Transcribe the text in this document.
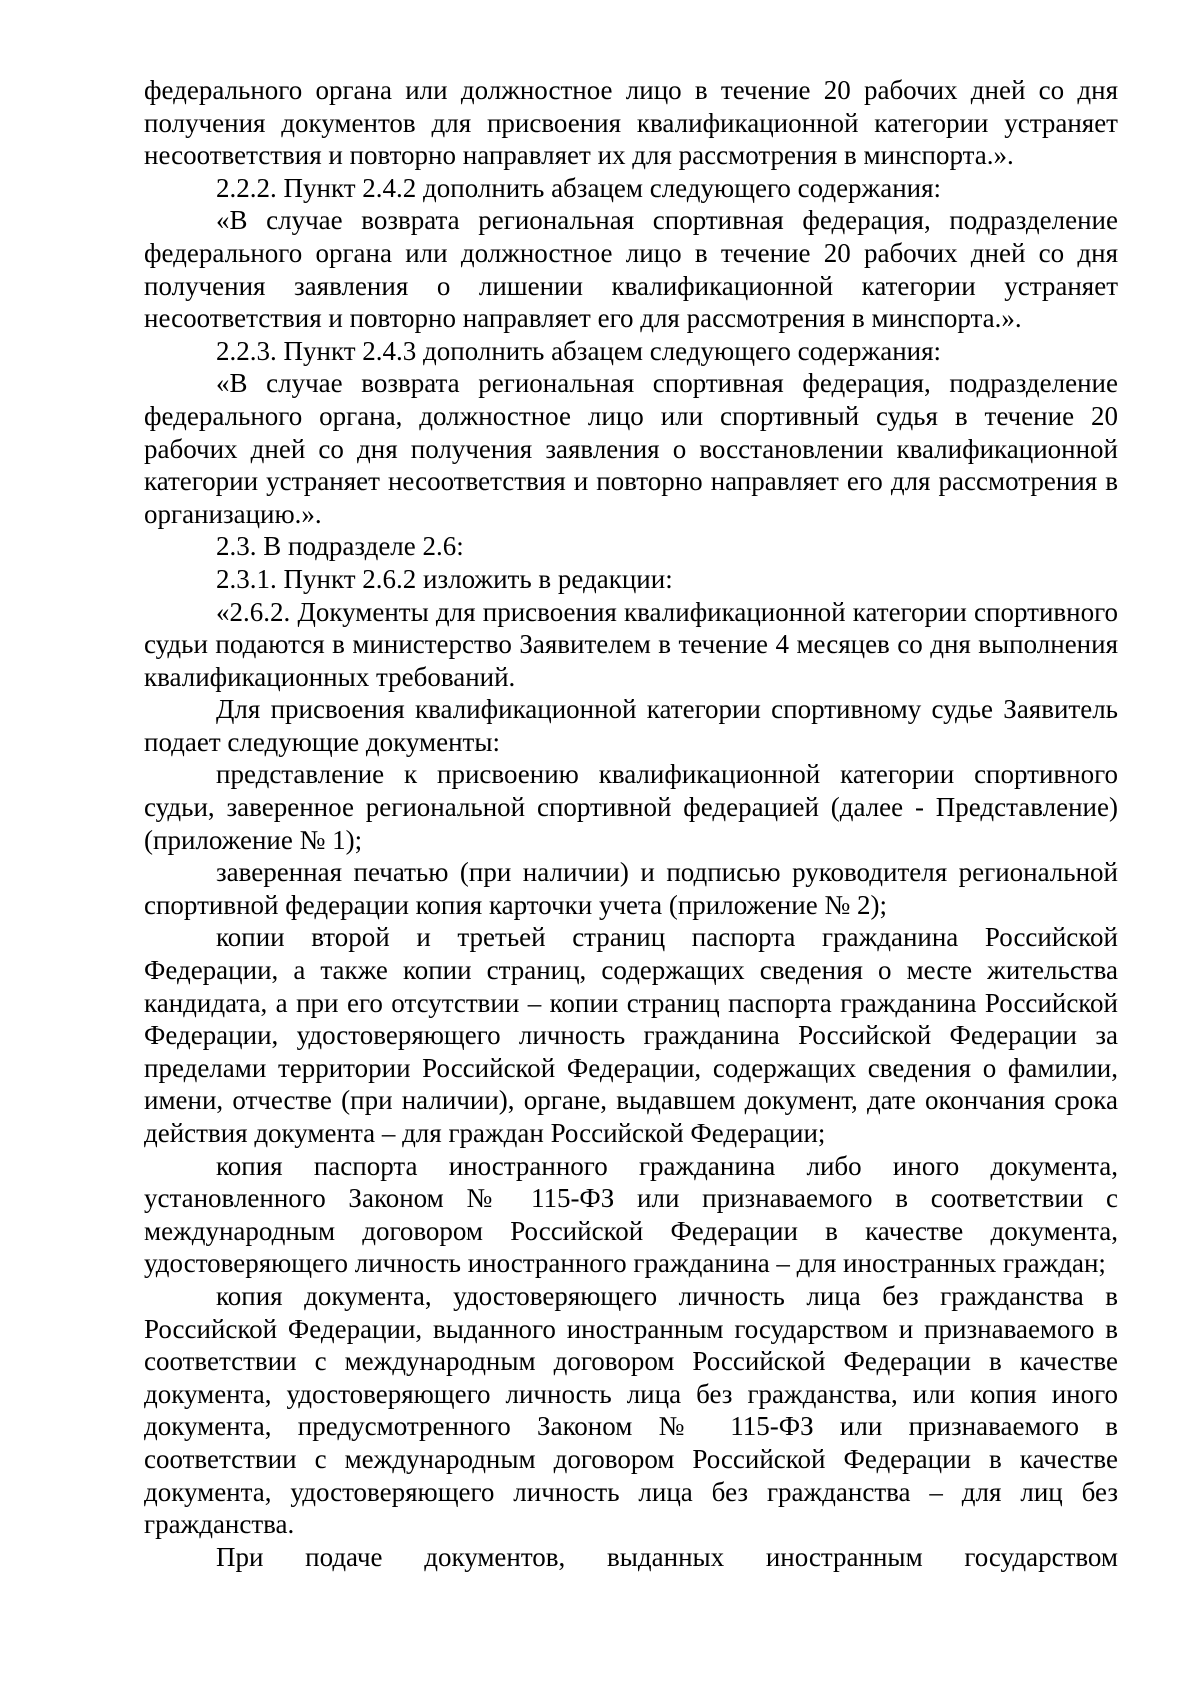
федерального органа или должностное лицо в течение 20 рабочих дней со дня получения документов для присвоения квалификационной категории устраняет несоответствия и повторно направляет их для рассмотрения в минспорта.».

2.2.2. Пункт 2.4.2 дополнить абзацем следующего содержания:

«В случае возврата региональная спортивная федерация, подразделение федерального органа или должностное лицо в течение 20 рабочих дней со дня получения заявления о лишении квалификационной категории устраняет несоответствия и повторно направляет его для рассмотрения в минспорта.».

2.2.3. Пункт 2.4.3 дополнить абзацем следующего содержания:

«В случае возврата региональная спортивная федерация, подразделение федерального органа, должностное лицо или спортивный судья в течение 20 рабочих дней со дня получения заявления о восстановлении квалификационной категории устраняет несоответствия и повторно направляет его для рассмотрения в организацию.».

2.3. В подразделе 2.6:

2.3.1. Пункт 2.6.2 изложить в редакции:

«2.6.2. Документы для присвоения квалификационной категории спортивного судьи подаются в министерство Заявителем в течение 4 месяцев со дня выполнения квалификационных требований.

Для присвоения квалификационной категории спортивному судье Заявитель подает следующие документы:

представление к присвоению квалификационной категории спортивного судьи, заверенное региональной спортивной федерацией (далее - Представление) (приложение № 1);

заверенная печатью (при наличии) и подписью руководителя региональной спортивной федерации копия карточки учета (приложение № 2);

копии второй и третьей страниц паспорта гражданина Российской Федерации, а также копии страниц, содержащих сведения о месте жительства кандидата, а при его отсутствии – копии страниц паспорта гражданина Российской Федерации, удостоверяющего личность гражданина Российской Федерации за пределами территории Российской Федерации, содержащих сведения о фамилии, имени, отчестве (при наличии), органе, выдавшем документ, дате окончания срока действия документа – для граждан Российской Федерации;

копия паспорта иностранного гражданина либо иного документа, установленного Законом № 115-ФЗ или признаваемого в соответствии с международным договором Российской Федерации в качестве документа, удостоверяющего личность иностранного гражданина – для иностранных граждан;

копия документа, удостоверяющего личность лица без гражданства в Российской Федерации, выданного иностранным государством и признаваемого в соответствии с международным договором Российской Федерации в качестве документа, удостоверяющего личность лица без гражданства, или копия иного документа, предусмотренного Законом № 115-ФЗ или признаваемого в соответствии с международным договором Российской Федерации в качестве документа, удостоверяющего личность лица без гражданства – для лиц без гражданства.

При подаче документов, выданных иностранным государством
